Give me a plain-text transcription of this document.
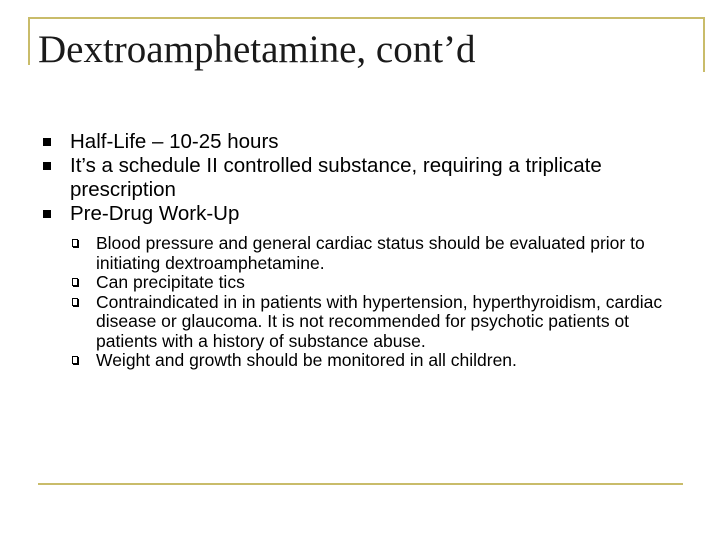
Dextroamphetamine, cont’d
Half-Life – 10-25 hours
It’s a schedule II controlled substance, requiring a triplicate prescription
Pre-Drug Work-Up
Blood pressure and general cardiac status should be evaluated prior to initiating dextroamphetamine.
Can precipitate tics
Contraindicated in in patients with hypertension, hyperthyroidism, cardiac disease or glaucoma. It is not recommended for psychotic patients ot patients with a history of substance abuse.
Weight and growth should be monitored in all children.
